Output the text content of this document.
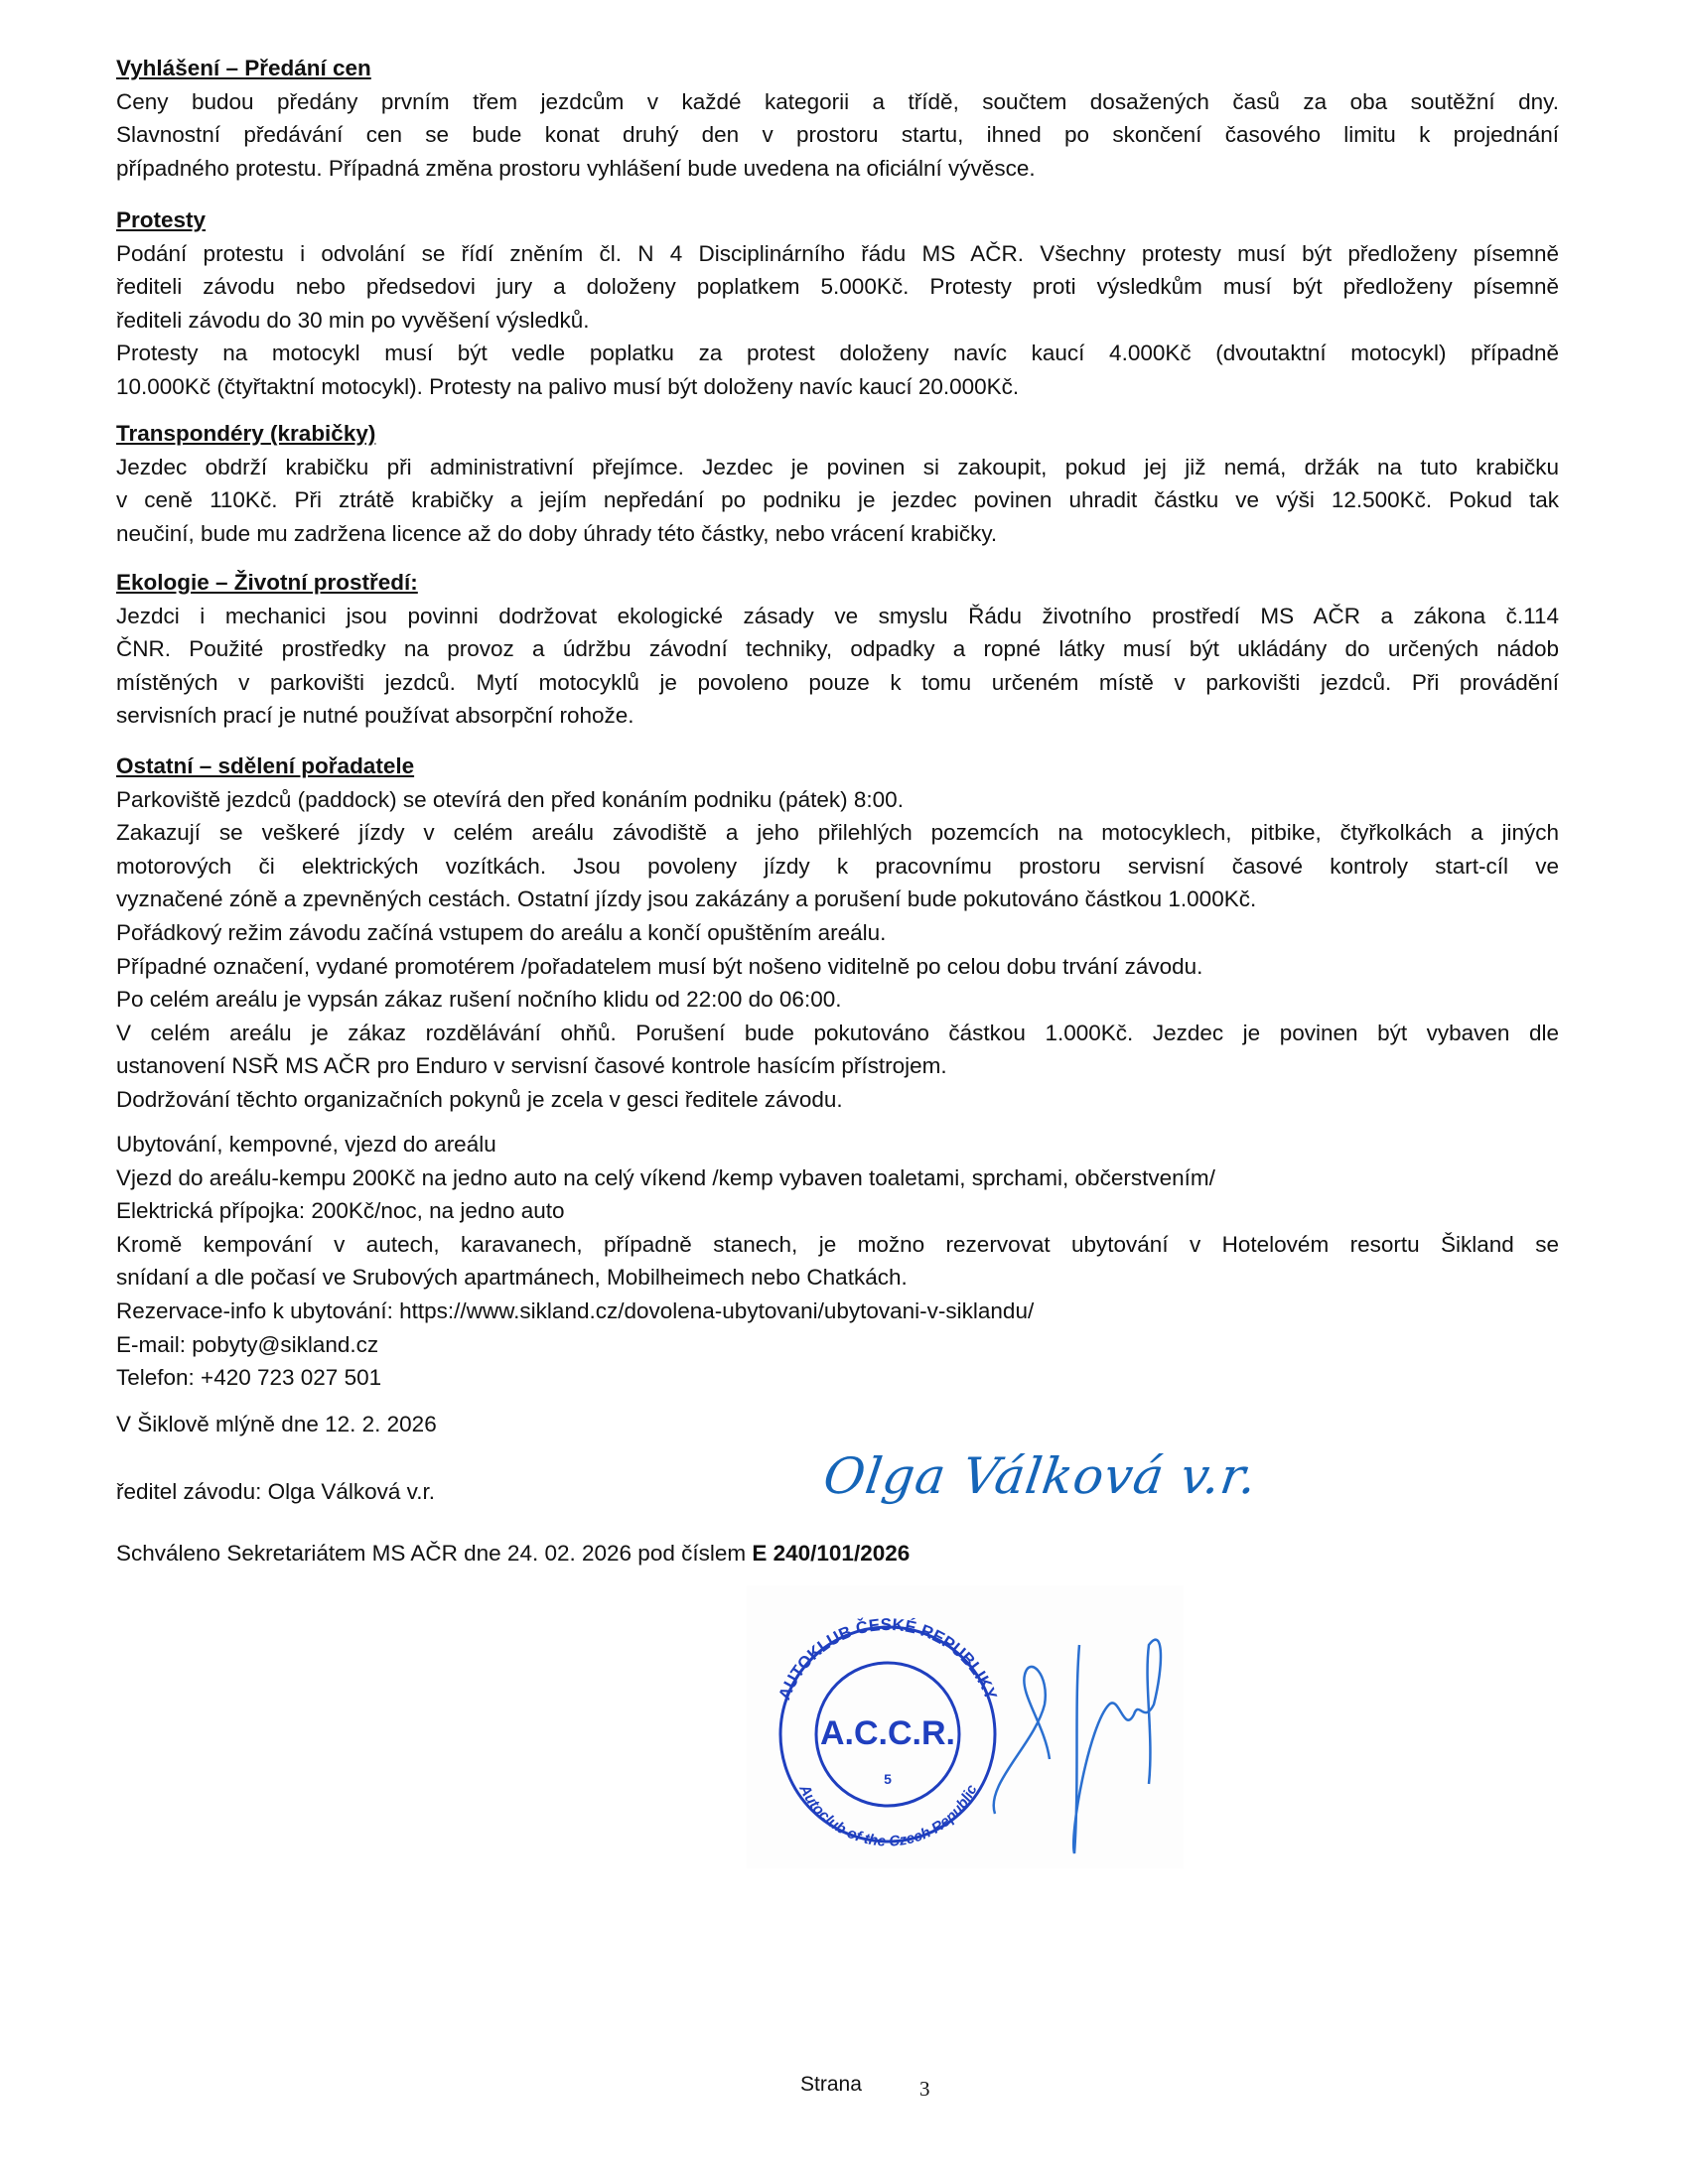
Vyhlášení – Předání cen
Ceny budou předány prvním třem jezdcům v každé kategorii a třídě, součtem dosažených časů za oba soutěžní dny.
Slavnostní předávání cen se bude konat druhý den v prostoru startu, ihned po skončení časového limitu k projednání
případného protestu. Případná změna prostoru vyhlášení bude uvedena na oficiální vývěsce.
Protesty
Podání protestu i odvolání se řídí zněním čl. N 4 Disciplinárního řádu MS AČR. Všechny protesty musí být předloženy písemně
řediteli závodu nebo předsedovi jury a doloženy poplatkem 5.000Kč. Protesty proti výsledkům musí být předloženy písemně
řediteli závodu do 30 min po vyvěšení výsledků.
Protesty na motocykl musí být vedle poplatku za protest doloženy navíc kaucí 4.000Kč (dvoutaktní motocykl) případně
10.000Kč (čtyřtaktní motocykl). Protesty na palivo musí být doloženy navíc kaucí 20.000Kč.
Transpondéry (krabičky)
Jezdec obdrží krabičku při administrativní přejímce. Jezdec je povinen si zakoupit, pokud jej již nemá, držák na tuto krabičku
v ceně 110Kč. Při ztrátě krabičky a jejím nepředání po podniku je jezdec povinen uhradit částku ve výši 12.500Kč. Pokud tak
neučiní, bude mu zadržena licence až do doby úhrady této částky, nebo vrácení krabičky.
Ekologie – Životní prostředí:
Jezdci i mechanici jsou povinni dodržovat ekologické zásady ve smyslu Řádu životního prostředí MS AČR a zákona č.114
ČNR. Použité prostředky na provoz a údržbu závodní techniky, odpadky a ropné látky musí být ukládány do určených nádob
místěných v parkovišti jezdců. Mytí motocyklů je povoleno pouze k tomu určeném místě v parkovišti jezdců. Při provádění
servisních prací je nutné používat absorpční rohože.
Ostatní – sdělení pořadatele
Parkoviště jezdců (paddock) se otevírá den před konáním podniku (pátek) 8:00.
Zakazují se veškeré jízdy v celém areálu závodiště a jeho přilehlých pozemcích na motocyklech, pitbike, čtyřkolkách a jiných
motorových či elektrických vozítkách. Jsou povoleny jízdy k pracovnímu prostoru servisní časové kontroly start-cíl ve
vyznačené zóně a zpevněných cestách. Ostatní jízdy jsou zakázány a porušení bude pokutováno částkou 1.000Kč.
Pořádkový režim závodu začíná vstupem do areálu a končí opuštěním areálu.
Případné označení, vydané promotérem /pořadatelem musí být nošeno viditelně po celou dobu trvání závodu.
Po celém areálu je vypsán zákaz rušení nočního klidu od 22:00 do 06:00.
V celém areálu je zákaz rozdělávání ohňů. Porušení bude pokutováno částkou 1.000Kč. Jezdec je povinen být vybaven dle
ustanovení NSŘ MS AČR pro Enduro v servisní časové kontrole hasícím přístrojem.
Dodržování těchto organizačních pokynů je zcela v gesci ředitele závodu.
Ubytování, kempovné, vjezd do areálu
Vjezd do areálu-kempu 200Kč na jedno auto na celý víkend /kemp vybaven toaletami, sprchami, občerstvením/
Elektrická přípojka: 200Kč/noc, na jedno auto
Kromě kempování v autech, karavanech, případně stanech, je možno rezervovat ubytování v Hotelovém resortu Šikland se
snídaní a dle počasí ve Srubových apartmánech, Mobilheimech nebo Chatkách.
Rezervace-info k ubytování: https://www.sikland.cz/dovolena-ubytovani/ubytovani-v-siklandu/
E-mail: pobyty@sikland.cz
Telefon: +420 723 027 501
V Šiklově mlýně dne 12. 2. 2026
ředitel závodu: Olga Válková v.r.	Olga Válková v.r.
Schváleno Sekretariátem MS AČR dne 24. 02. 2026 pod číslem E 240/101/2026
AUTOKLUB ČESKÉ REPUBLIKY
Autoclub of the Czech Republic
A.C.C.R.
5
Strana	3
